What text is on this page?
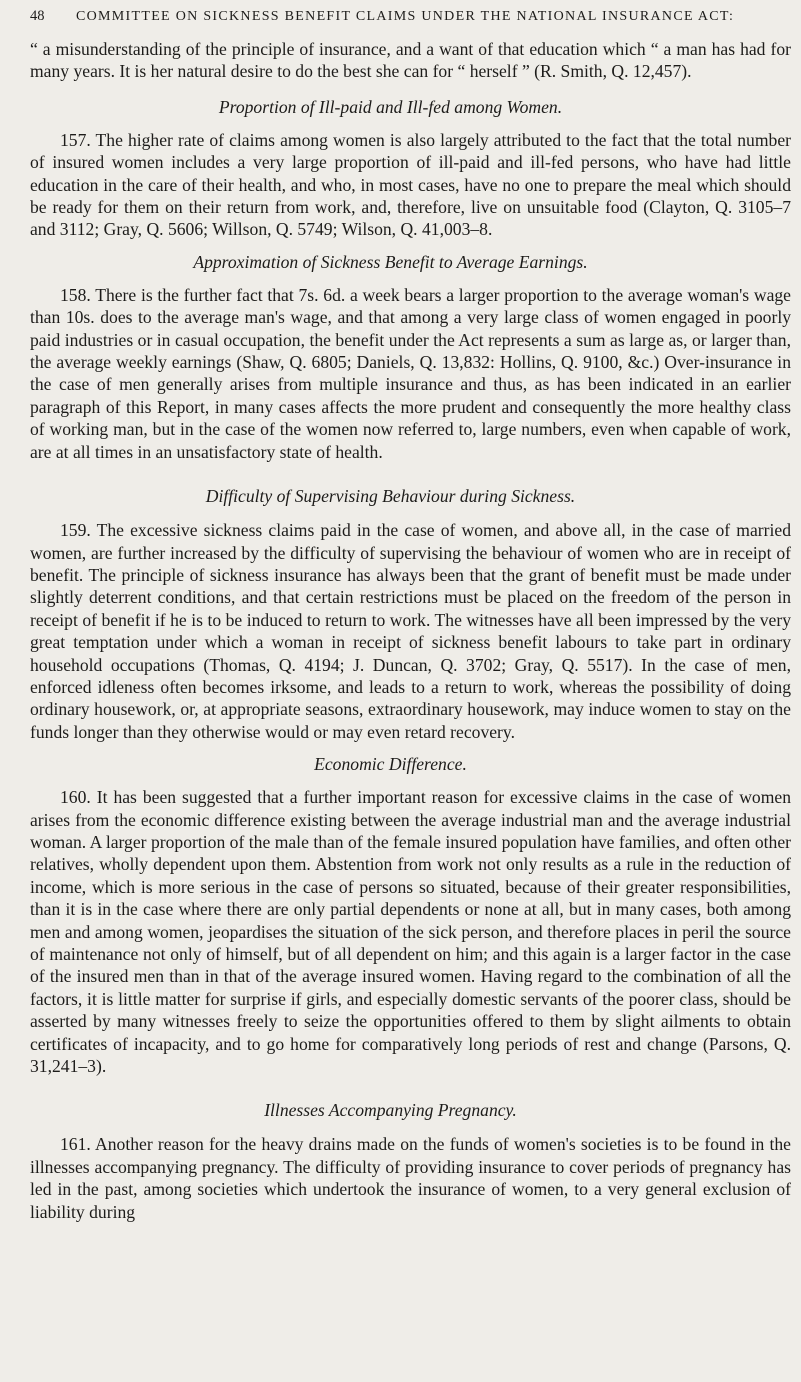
48	COMMITTEE ON SICKNESS BENEFIT CLAIMS UNDER THE NATIONAL INSURANCE ACT:

“ a misunderstanding of the principle of insurance, and a want of that education which “ a man has had for many years. It is her natural desire to do the best she can for “ herself ” (R. Smith, Q. 12,457).

Proportion of Ill-paid and Ill-fed among Women.

157. The higher rate of claims among women is also largely attributed to the fact that the total number of insured women includes a very large proportion of ill-paid and ill-fed persons, who have had little education in the care of their health, and who, in most cases, have no one to prepare the meal which should be ready for them on their return from work, and, therefore, live on unsuitable food (Clayton, Q. 3105–7 and 3112; Gray, Q. 5606; Willson, Q. 5749; Wilson, Q. 41,003–8.

Approximation of Sickness Benefit to Average Earnings.

158. There is the further fact that 7s. 6d. a week bears a larger proportion to the average woman's wage than 10s. does to the average man's wage, and that among a very large class of women engaged in poorly paid industries or in casual occupation, the benefit under the Act represents a sum as large as, or larger than, the average weekly earnings (Shaw, Q. 6805; Daniels, Q. 13,832: Hollins, Q. 9100, &c.) Over-insurance in the case of men generally arises from multiple insurance and thus, as has been indicated in an earlier paragraph of this Report, in many cases affects the more prudent and consequently the more healthy class of working man, but in the case of the women now referred to, large numbers, even when capable of work, are at all times in an unsatisfactory state of health.

Difficulty of Supervising Behaviour during Sickness.

159. The excessive sickness claims paid in the case of women, and above all, in the case of married women, are further increased by the difficulty of supervising the behaviour of women who are in receipt of benefit. The principle of sickness insurance has always been that the grant of benefit must be made under slightly deterrent conditions, and that certain restrictions must be placed on the freedom of the person in receipt of benefit if he is to be induced to return to work. The witnesses have all been impressed by the very great temptation under which a woman in receipt of sickness benefit labours to take part in ordinary household occupations (Thomas, Q. 4194; J. Duncan, Q. 3702; Gray, Q. 5517). In the case of men, enforced idleness often becomes irksome, and leads to a return to work, whereas the possibility of doing ordinary housework, or, at appropriate seasons, extraordinary housework, may induce women to stay on the funds longer than they otherwise would or may even retard recovery.

Economic Difference.

160. It has been suggested that a further important reason for excessive claims in the case of women arises from the economic difference existing between the average industrial man and the average industrial woman. A larger proportion of the male than of the female insured population have families, and often other relatives, wholly dependent upon them. Abstention from work not only results as a rule in the reduction of income, which is more serious in the case of persons so situated, because of their greater responsibilities, than it is in the case where there are only partial dependents or none at all, but in many cases, both among men and among women, jeopardises the situation of the sick person, and therefore places in peril the source of maintenance not only of himself, but of all dependent on him; and this again is a larger factor in the case of the insured men than in that of the average insured women. Having regard to the combination of all the factors, it is little matter for surprise if girls, and especially domestic servants of the poorer class, should be asserted by many witnesses freely to seize the opportunities offered to them by slight ailments to obtain certificates of incapacity, and to go home for comparatively long periods of rest and change (Parsons, Q. 31,241–3).

Illnesses Accompanying Pregnancy.

161. Another reason for the heavy drains made on the funds of women's societies is to be found in the illnesses accompanying pregnancy. The difficulty of providing insurance to cover periods of pregnancy has led in the past, among societies which undertook the insurance of women, to a very general exclusion of liability during
